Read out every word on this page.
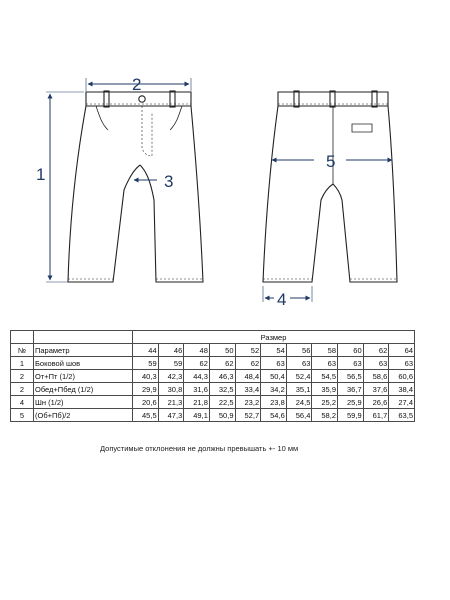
1
2
3
5
4
		Размер										
№	Параметр	44	46	48	50	52	54	56	58	60	62	64
1	Боковой шов	59	59	62	62	62	63	63	63	63	63	63
2	От+Пт (1/2)	40,3	42,3	44,3	46,3	48,4	50,4	52,4	54,5	56,5	58,6	60,6
2	Обед+Пбед (1/2)	29,9	30,8	31,6	32,5	33,4	34,2	35,1	35,9	36,7	37,6	38,4
4	Шн (1/2)	20,6	21,3	21,8	22,5	23,2	23,8	24,5	25,2	25,9	26,6	27,4
5	(Об+Пб)/2	45,5	47,3	49,1	50,9	52,7	54,6	56,4	58,2	59,9	61,7	63,5
Допустимые отклонения не должны превышать +- 10 мм
